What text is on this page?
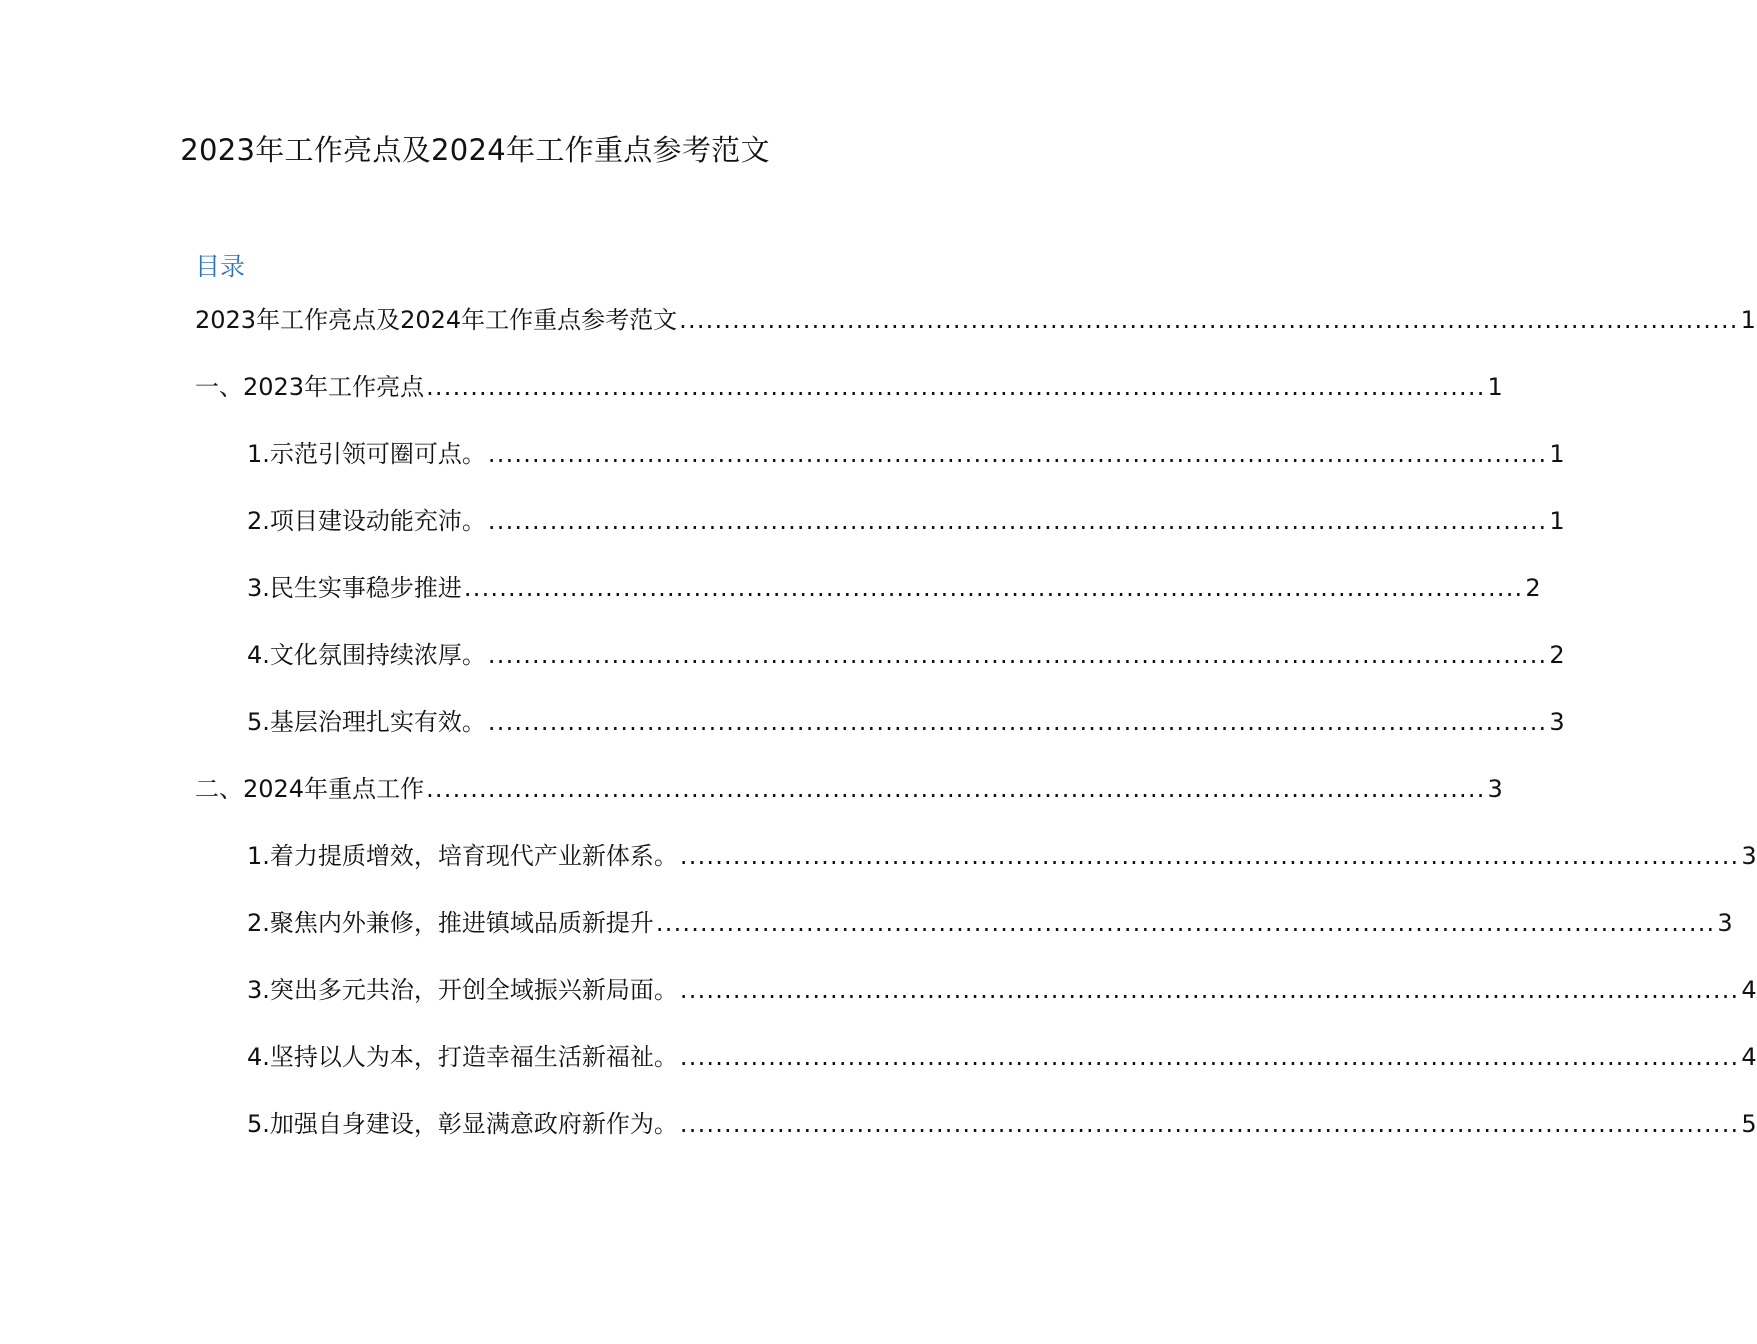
2023年工作亮点及2024年工作重点参考范文
目录
2023年工作亮点及2024年工作重点参考范文 ........................................................................................................................ 1
一、2023年工作亮点 ........................................................................................................................ 1
1.示范引领可圈可点。 ........................................................................................................................ 1
2.项目建设动能充沛。 ........................................................................................................................ 1
3.民生实事稳步推进 ........................................................................................................................ 2
4.文化氛围持续浓厚。 ........................................................................................................................ 2
5.基层治理扎实有效。 ........................................................................................................................ 3
二、2024年重点工作 ........................................................................................................................ 3
1.着力提质增效，培育现代产业新体系。 ........................................................................................................................ 3
2.聚焦内外兼修，推进镇域品质新提升 ........................................................................................................................ 3
3.突出多元共治，开创全域振兴新局面。 ........................................................................................................................ 4
4.坚持以人为本，打造幸福生活新福祉。 ........................................................................................................................ 4
5.加强自身建设，彰显满意政府新作为。 ........................................................................................................................ 5
